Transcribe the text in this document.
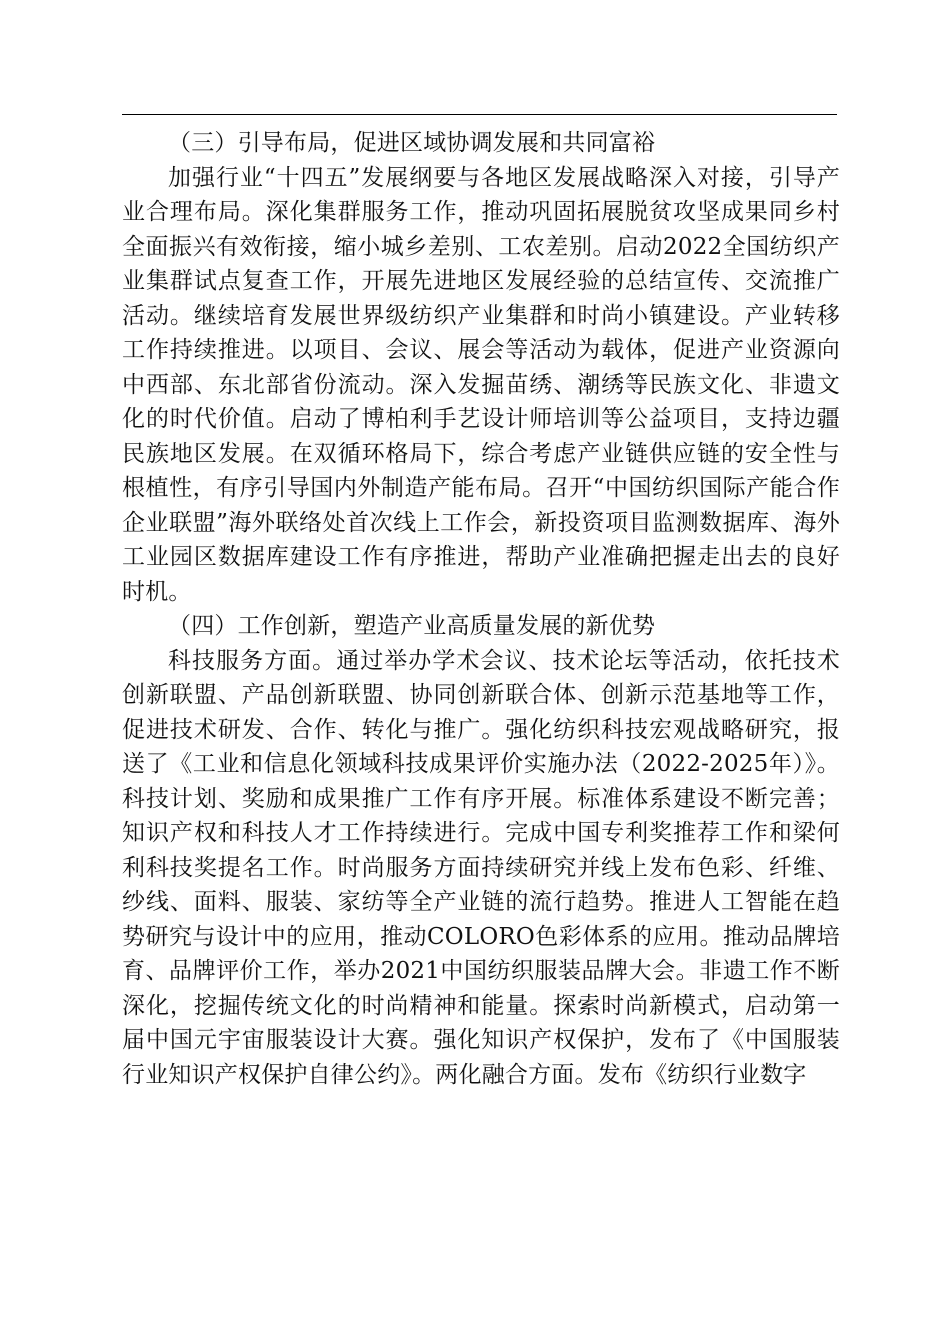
（三）引导布局，促进区域协调发展和共同富裕

加强行业“十四五”发展纲要与各地区发展战略深入对接，引导产业合理布局。深化集群服务工作，推动巩固拓展脱贫攻坚成果同乡村全面振兴有效衔接，缩小城乡差别、工农差别。启动2022全国纺织产业集群试点复查工作，开展先进地区发展经验的总结宣传、交流推广活动。继续培育发展世界级纺织产业集群和时尚小镇建设。产业转移工作持续推进。以项目、会议、展会等活动为载体，促进产业资源向中西部、东北部省份流动。深入发掘苗绣、潮绣等民族文化、非遗文化的时代价值。启动了博柏利手艺设计师培训等公益项目，支持边疆民族地区发展。在双循环格局下，综合考虑产业链供应链的安全性与根植性，有序引导国内外制造产能布局。召开“中国纺织国际产能合作企业联盟”海外联络处首次线上工作会，新投资项目监测数据库、海外工业园区数据库建设工作有序推进，帮助产业准确把握走出去的良好时机。

（四）工作创新，塑造产业高质量发展的新优势

科技服务方面。通过举办学术会议、技术论坛等活动，依托技术创新联盟、产品创新联盟、协同创新联合体、创新示范基地等工作，促进技术研发、合作、转化与推广。强化纺织科技宏观战略研究，报送了《工业和信息化领域科技成果评价实施办法（2022-2025年）》。科技计划、奖励和成果推广工作有序开展。标准体系建设不断完善；知识产权和科技人才工作持续进行。完成中国专利奖推荐工作和梁何利科技奖提名工作。时尚服务方面持续研究并线上发布色彩、纤维、纱线、面料、服装、家纺等全产业链的流行趋势。推进人工智能在趋势研究与设计中的应用，推动COLORO色彩体系的应用。推动品牌培育、品牌评价工作，举办2021中国纺织服装品牌大会。非遗工作不断深化，挖掘传统文化的时尚精神和能量。探索时尚新模式，启动第一届中国元宇宙服装设计大赛。强化知识产权保护，发布了《中国服装行业知识产权保护自律公约》。两化融合方面。发布《纺织行业数字
